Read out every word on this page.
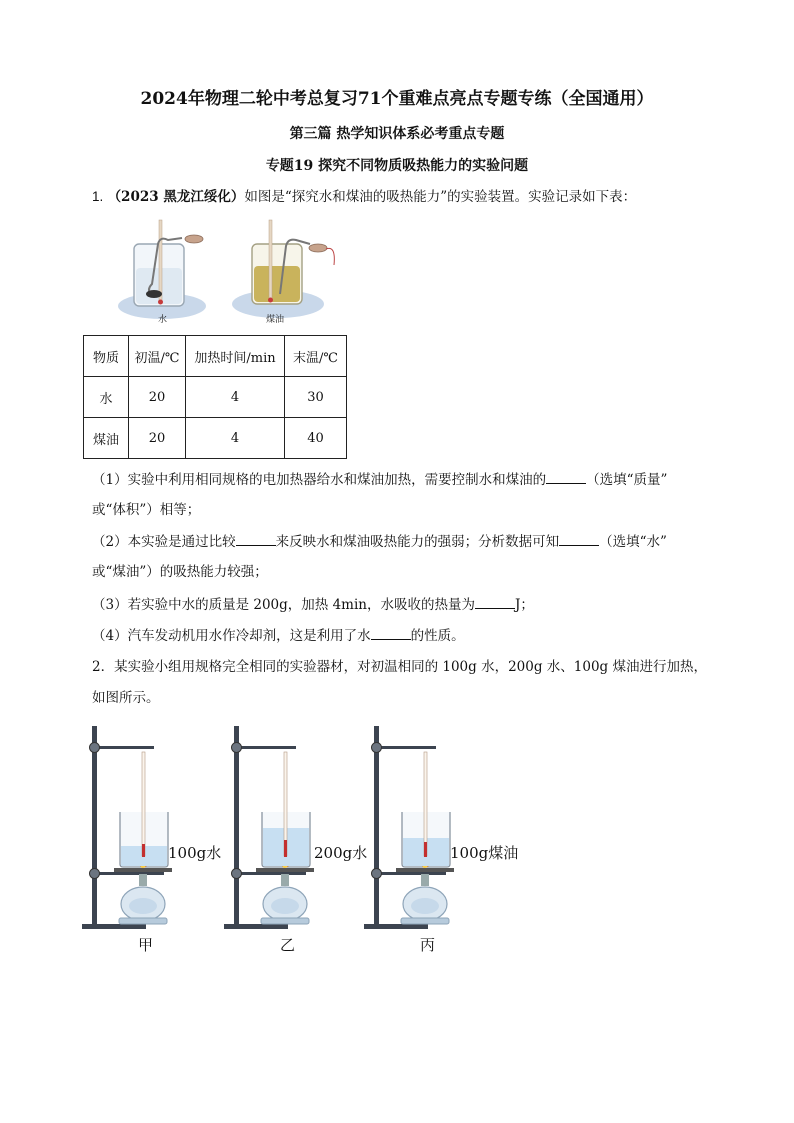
2024年物理二轮中考总复习71个重难点亮点专题专练（全国通用）
第三篇 热学知识体系必考重点专题
专题19 探究不同物质吸热能力的实验问题
1. （2023 黑龙江绥化）如图是“探究水和煤油的吸热能力”的实验装置。实验记录如下表：
水	煤油
物质	初温/℃	加热时间/min	末温/℃
水	20	4	30
煤油	20	4	40
（1）实验中利用相同规格的电加热器给水和煤油加热，需要控制水和煤油的	（选填“质量”
或“体积”）相等；
（2）本实验是通过比较	来反映水和煤油吸热能力的强弱；分析数据可知	（选填“水”
或“煤油”）的吸热能力较强；
（3）若实验中水的质量是 200g，加热 4min，水吸收的热量为	J；
（4）汽车发动机用水作冷却剂，这是利用了水	的性质。
2．某实验小组用规格完全相同的实验器材，对初温相同的 100g 水，200g 水、100g 煤油进行加热，
如图所示。
100g水
甲
200g水
乙
100g煤油
丙
